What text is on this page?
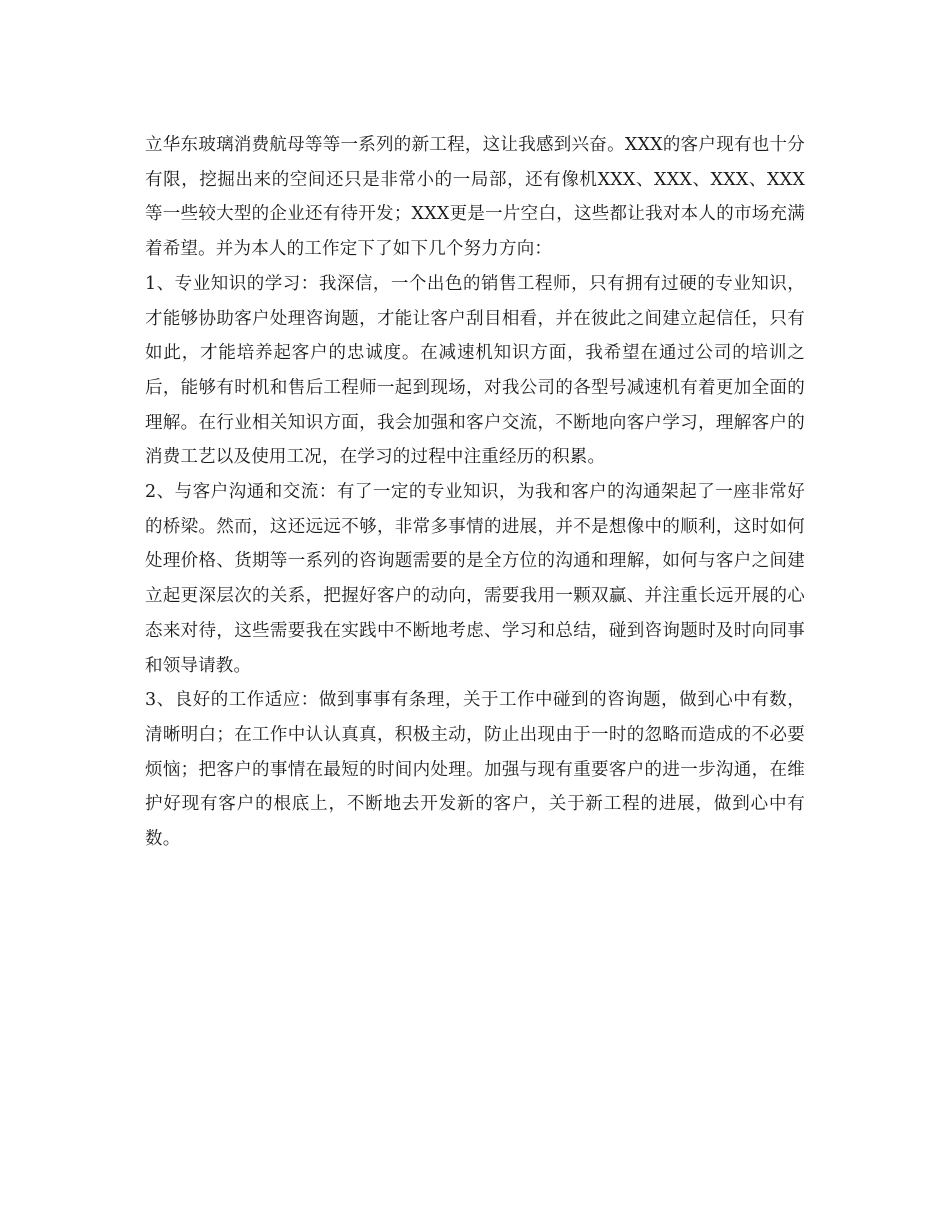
立华东玻璃消费航母等等一系列的新工程，这让我感到兴奋。XXX的客户现有也十分有限，挖掘出来的空间还只是非常小的一局部，还有像机XXX、XXX、XXX、XXX等一些较大型的企业还有待开发；XXX更是一片空白，这些都让我对本人的市场充满着希望。并为本人的工作定下了如下几个努力方向：

1、专业知识的学习：我深信，一个出色的销售工程师，只有拥有过硬的专业知识，才能够协助客户处理咨询题，才能让客户刮目相看，并在彼此之间建立起信任，只有如此，才能培养起客户的忠诚度。在减速机知识方面，我希望在通过公司的培训之后，能够有时机和售后工程师一起到现场，对我公司的各型号减速机有着更加全面的理解。在行业相关知识方面，我会加强和客户交流，不断地向客户学习，理解客户的消费工艺以及使用工况，在学习的过程中注重经历的积累。

2、与客户沟通和交流：有了一定的专业知识，为我和客户的沟通架起了一座非常好的桥梁。然而，这还远远不够，非常多事情的进展，并不是想像中的顺利，这时如何处理价格、货期等一系列的咨询题需要的是全方位的沟通和理解，如何与客户之间建立起更深层次的关系，把握好客户的动向，需要我用一颗双赢、并注重长远开展的心态来对待，这些需要我在实践中不断地考虑、学习和总结，碰到咨询题时及时向同事和领导请教。

3、良好的工作适应：做到事事有条理，关于工作中碰到的咨询题，做到心中有数，清晰明白；在工作中认认真真，积极主动，防止出现由于一时的忽略而造成的不必要烦恼；把客户的事情在最短的时间内处理。加强与现有重要客户的进一步沟通，在维护好现有客户的根底上，不断地去开发新的客户，关于新工程的进展，做到心中有数。
